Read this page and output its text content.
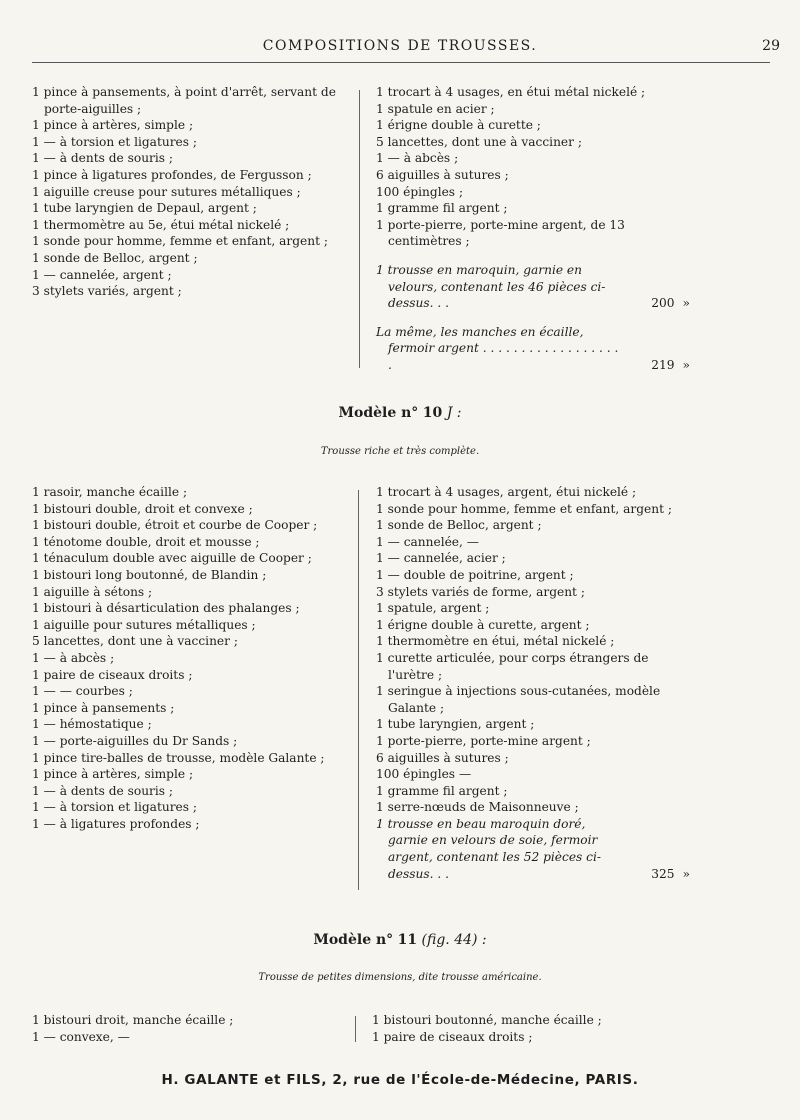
COMPOSITIONS DE TROUSSES.	29
1 pince à pansements, à point d'arrêt, servant de porte-aiguilles ;
1 pince à artères, simple ;
1 — à torsion et ligatures ;
1 — à dents de souris ;
1 pince à ligatures profondes, de Fergusson ;
1 aiguille creuse pour sutures métalliques ;
1 tube laryngien de Depaul, argent ;
1 thermomètre au 5e, étui métal nickelé ;
1 sonde pour homme, femme et enfant, argent ;
1 sonde de Belloc, argent ;
1 — cannelée, argent ;
3 stylets variés, argent ;
1 trocart à 4 usages, en étui métal nickelé ;
1 spatule en acier ;
1 érigne double à curette ;
5 lancettes, dont une à vacciner ;
1 — à abcès ;
6 aiguilles à sutures ;
100 épingles ;
1 gramme fil argent ;
1 porte-pierre, porte-mine argent, de 13 centimètres ;
1 trousse en maroquin, garnie en velours, contenant les 46 pièces ci-dessus. . .	200 »
La même, les manches en écaille, fermoir argent . . . . . . . . . . . . . . . . . . .	219 »
Modèle n° 10 J :
Trousse riche et très complète.
1 rasoir, manche écaille ;
1 bistouri double, droit et convexe ;
1 bistouri double, étroit et courbe de Cooper ;
1 ténotome double, droit et mousse ;
1 ténaculum double avec aiguille de Cooper ;
1 bistouri long boutonné, de Blandin ;
1 aiguille à sétons ;
1 bistouri à désarticulation des phalanges ;
1 aiguille pour sutures métalliques ;
5 lancettes, dont une à vacciner ;
1 — à abcès ;
1 paire de ciseaux droits ;
1 — — courbes ;
1 pince à pansements ;
1 — hémostatique ;
1 — porte-aiguilles du Dr Sands ;
1 pince tire-balles de trousse, modèle Galante ;
1 pince à artères, simple ;
1 — à dents de souris ;
1 — à torsion et ligatures ;
1 — à ligatures profondes ;
1 trocart à 4 usages, argent, étui nickelé ;
1 sonde pour homme, femme et enfant, argent ;
1 sonde de Belloc, argent ;
1 — cannelée, —
1 — cannelée, acier ;
1 — double de poitrine, argent ;
3 stylets variés de forme, argent ;
1 spatule, argent ;
1 érigne double à curette, argent ;
1 thermomètre en étui, métal nickelé ;
1 curette articulée, pour corps étrangers de l'urètre ;
1 seringue à injections sous-cutanées, modèle Galante ;
1 tube laryngien, argent ;
1 porte-pierre, porte-mine argent ;
6 aiguilles à sutures ;
100 épingles —
1 gramme fil argent ;
1 serre-nœuds de Maisonneuve ;
1 trousse en beau maroquin doré, garnie en velours de soie, fermoir argent, contenant les 52 pièces ci-dessus. . .	325 »
Modèle n° 11 (fig. 44) :
Trousse de petites dimensions, dite trousse américaine.
1 bistouri droit, manche écaille ;
1 — convexe, —
1 bistouri boutonné, manche écaille ;
1 paire de ciseaux droits ;
H. GALANTE et FILS, 2, rue de l'École-de-Médecine, PARIS.
